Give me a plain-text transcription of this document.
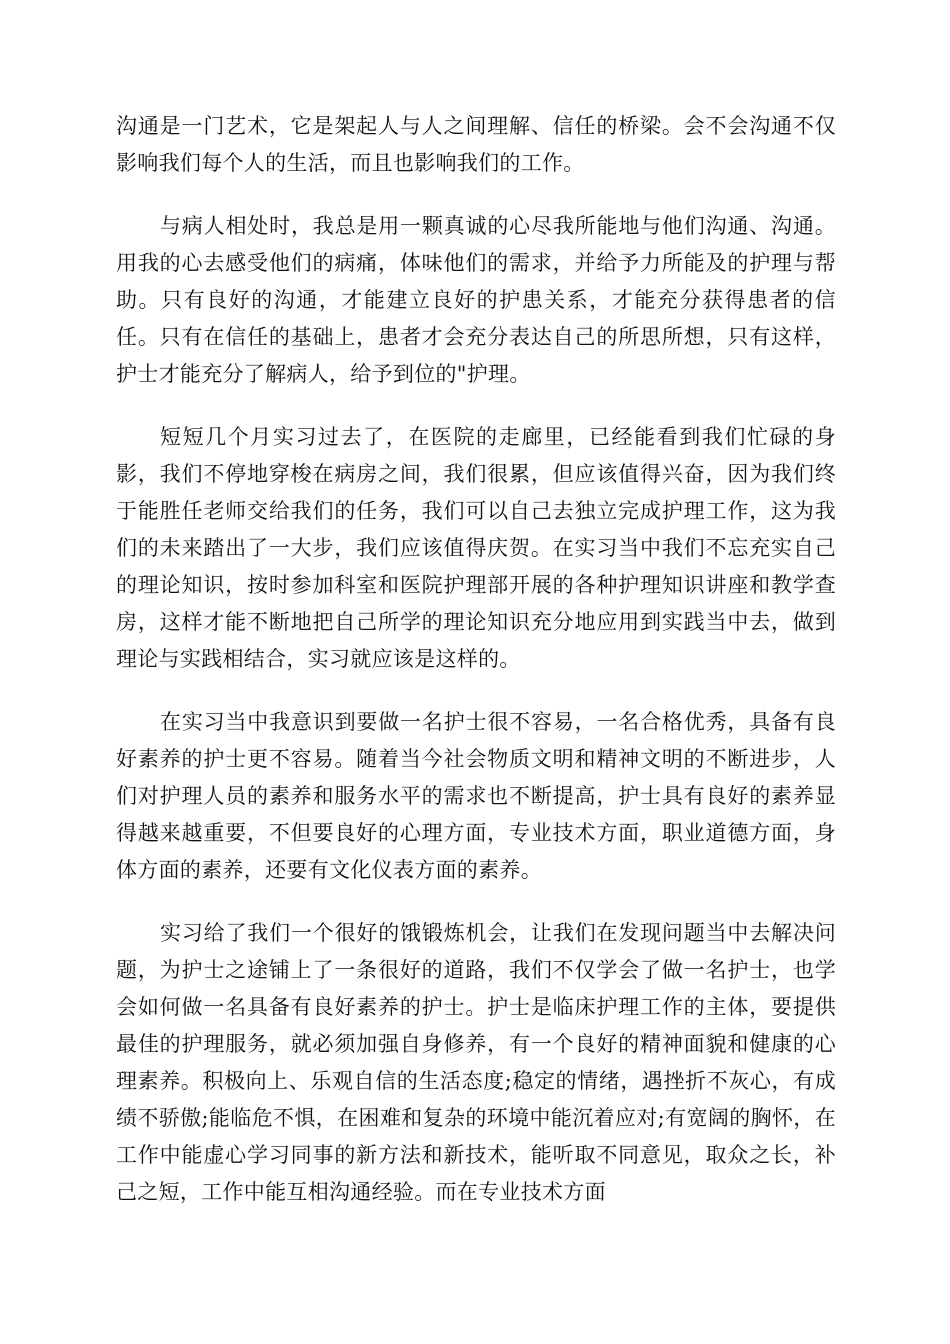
沟通是一门艺术，它是架起人与人之间理解、信任的桥梁。会不会沟通不仅影响我们每个人的生活，而且也影响我们的工作。

与病人相处时，我总是用一颗真诚的心尽我所能地与他们沟通、沟通。用我的心去感受他们的病痛，体味他们的需求，并给予力所能及的护理与帮助。只有良好的沟通，才能建立良好的护患关系，才能充分获得患者的信任。只有在信任的基础上，患者才会充分表达自己的所思所想，只有这样，护士才能充分了解病人，给予到位的"护理。

短短几个月实习过去了，在医院的走廊里，已经能看到我们忙碌的身影，我们不停地穿梭在病房之间，我们很累，但应该值得兴奋，因为我们终于能胜任老师交给我们的任务，我们可以自己去独立完成护理工作，这为我们的未来踏出了一大步，我们应该值得庆贺。在实习当中我们不忘充实自己的理论知识，按时参加科室和医院护理部开展的各种护理知识讲座和教学查房，这样才能不断地把自己所学的理论知识充分地应用到实践当中去，做到理论与实践相结合，实习就应该是这样的。

在实习当中我意识到要做一名护士很不容易，一名合格优秀，具备有良好素养的护士更不容易。随着当今社会物质文明和精神文明的不断进步，人们对护理人员的素养和服务水平的需求也不断提高，护士具有良好的素养显得越来越重要，不但要良好的心理方面，专业技术方面，职业道德方面，身体方面的素养，还要有文化仪表方面的素养。

实习给了我们一个很好的饿锻炼机会，让我们在发现问题当中去解决问题，为护士之途铺上了一条很好的道路，我们不仅学会了做一名护士，也学会如何做一名具备有良好素养的护士。护士是临床护理工作的主体，要提供最佳的护理服务，就必须加强自身修养，有一个良好的精神面貌和健康的心理素养。积极向上、乐观自信的生活态度;稳定的情绪，遇挫折不灰心，有成绩不骄傲;能临危不惧，在困难和复杂的环境中能沉着应对;有宽阔的胸怀，在工作中能虚心学习同事的新方法和新技术，能听取不同意见，取众之长，补己之短，工作中能互相沟通经验。而在专业技术方面
